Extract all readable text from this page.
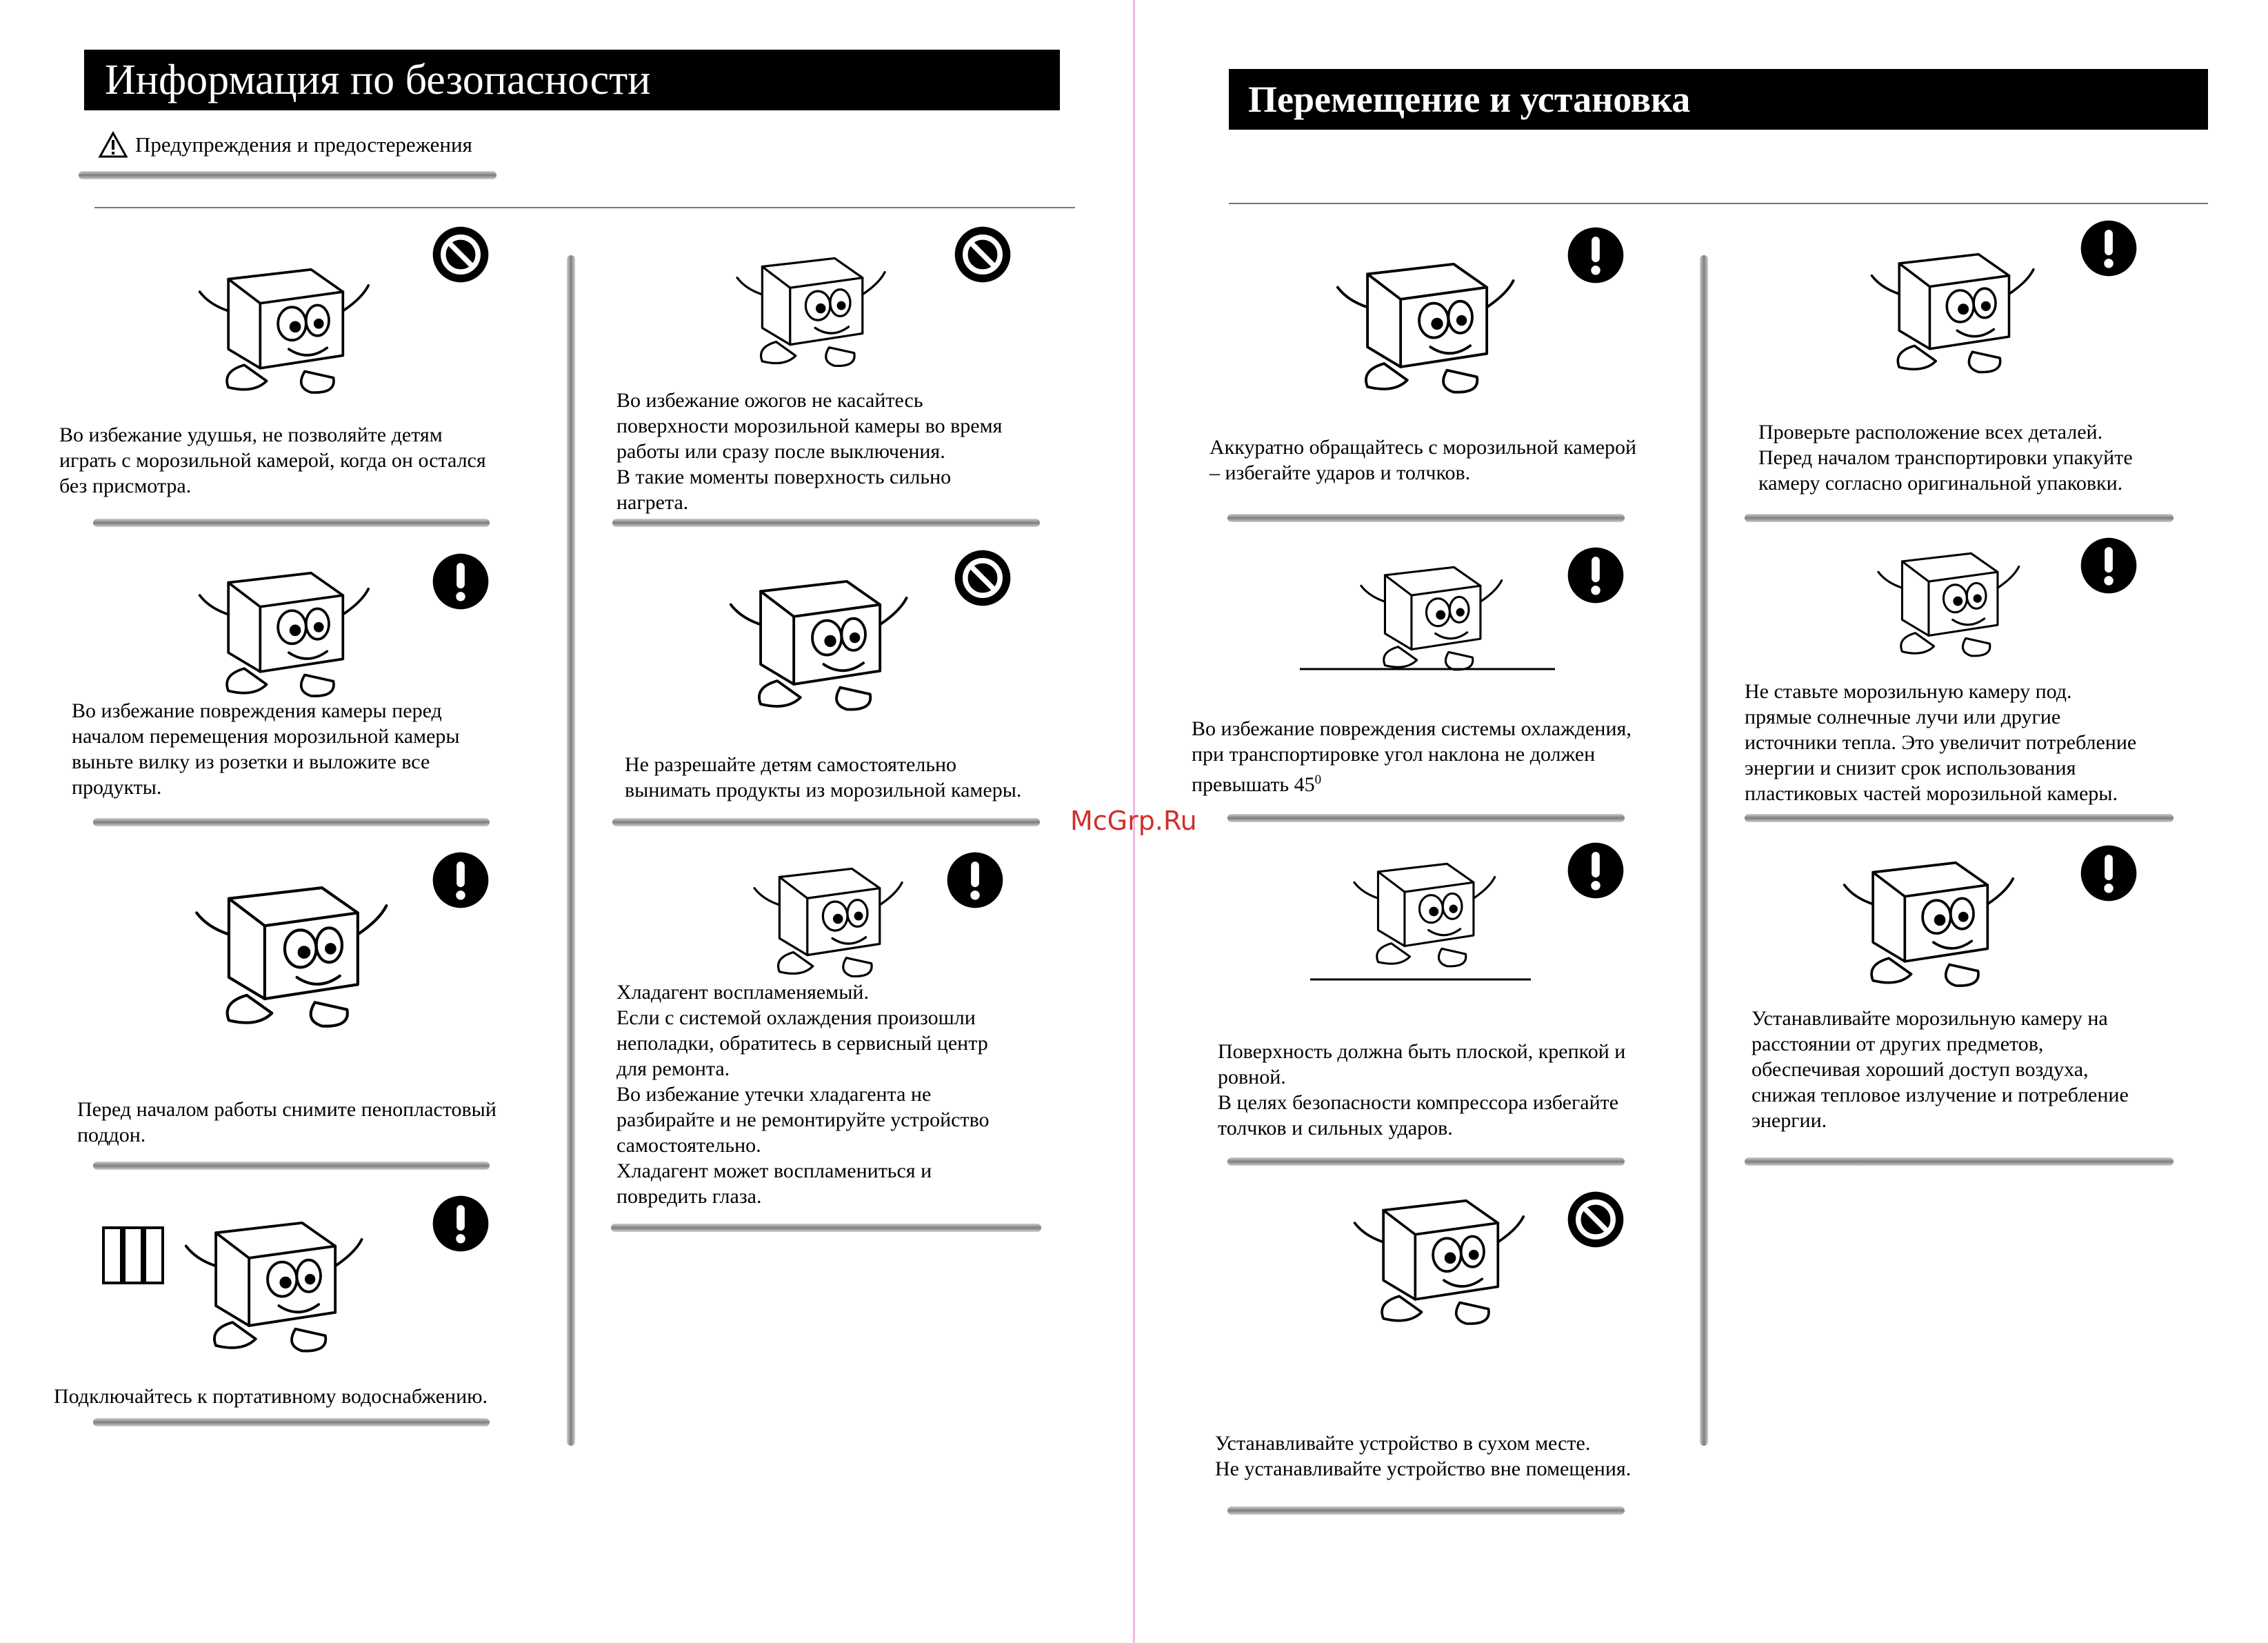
Информация по безопасности
Предупреждения и предостережения
Во избежание удушья, не позволяйте детям
играть с морозильной камерой, когда он остался
без присмотра.
Во избежание повреждения камеры перед
началом перемещения морозильной камеры
выньте вилку из розетки и выложите все
продукты.
Перед началом работы снимите пенопластовый
поддон.
Подключайтесь к портативному водоснабжению.
Во избежание ожогов не касайтесь
поверхности морозильной камеры во время
работы или сразу после выключения.
В такие моменты поверхность сильно
нагрета.
Не разрешайте детям самостоятельно
вынимать продукты из морозильной камеры.
Хладагент воспламеняемый.
Если с системой охлаждения произошли
неполадки, обратитесь в сервисный центр
для ремонта.
Во избежание утечки хладагента не
разбирайте и не ремонтируйте устройство
самостоятельно.
Хладагент может воспламениться и
повредить глаза.
Перемещение и установка
Аккуратно обращайтесь с морозильной камерой
– избегайте ударов и толчков.
Во избежание повреждения системы охлаждения,
при транспортировке угол наклона не должен
превышать $45^0$
Поверхность должна быть плоской, крепкой и
ровной.
В целях безопасности компрессора избегайте
толчков и сильных ударов.
Устанавливайте устройство в сухом месте.
Не устанавливайте устройство вне помещения.
Проверьте расположение всех деталей.
Перед началом транспортировки упакуйте
камеру согласно оригинальной упаковки.
Не ставьте морозильную камеру под.
прямые солнечные лучи или другие
источники тепла. Это увеличит потребление
энергии и снизит срок использования
пластиковых частей морозильной камеры.
Устанавливайте морозильную камеру на
расстоянии от других предметов,
обеспечивая хороший доступ воздуха,
снижая тепловое излучение и потребление
энергии.
McGrp.Ru
